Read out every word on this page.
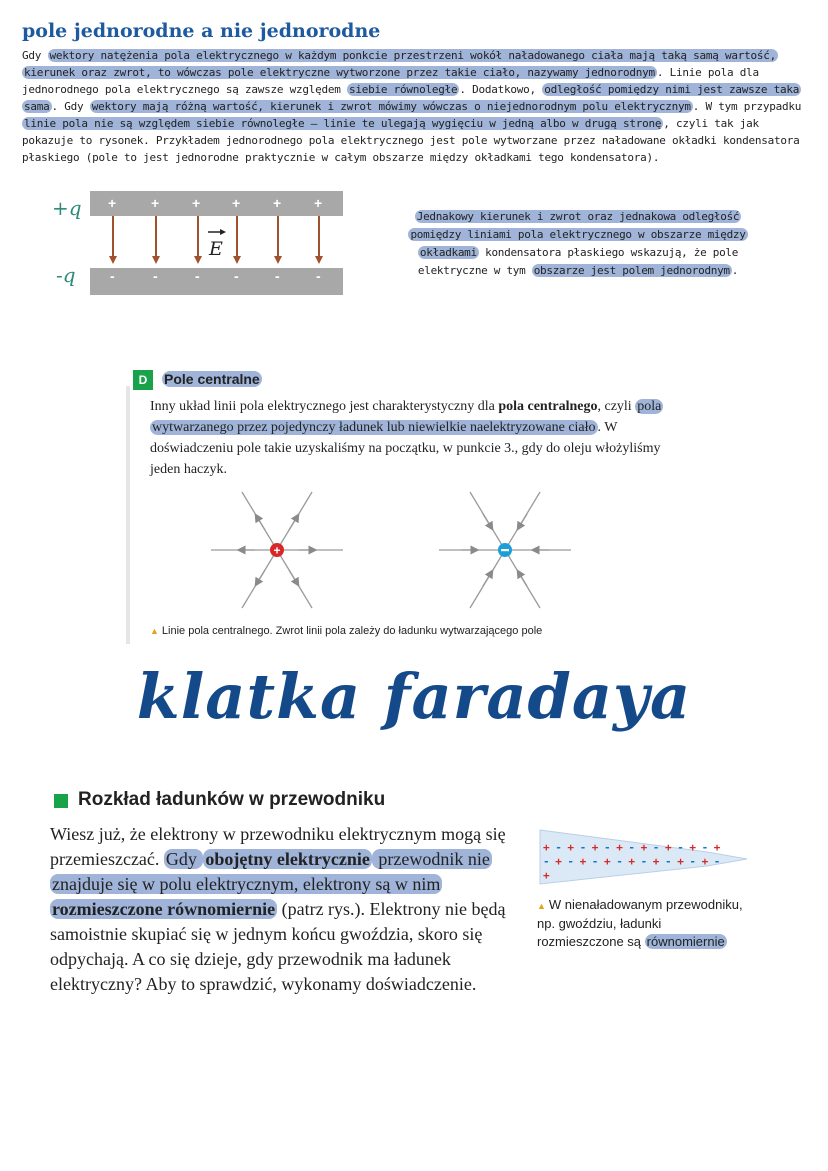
pole jednorodne a nie jednorodne

Gdy wektory natężenia pola elektrycznego w każdym ponkcie przestrzeni wokół naładowanego ciała mają taką samą wartość, kierunek oraz zwrot, to wówczas pole elektryczne wytworzone przez takie ciało, nazywamy jednorodnym . Linie pola dla jednorodnego pola elektrycznego są zawsze względem siebie równoległe . Dodatkowo, odległość pomiędzy nimi jest zawsze taka sama . Gdy wektory mają różną wartość, kierunek i zwrot mówimy wówczas o niejednorodnym polu elektrycznym . W tym przypadku linie pola nie są względem siebie równoległe – linie te ulegają wygięciu w jedną albo w drugą stronę , czyli tak jak pokazuje to rysonek. Przykładem jednorodnego pola elektrycznego jest pole wytworzane przez naładowane okładki kondensatora płaskiego (pole to jest jednorodne praktycznie w całym obszarze między okładkami tego kondensatora).

+q
-q
+ + + + + +
-	-	- -	-	-
E

Jednakowy kierunek i zwrot oraz jednakowa odległość pomiędzy liniami pola elektrycznego w obszarze między okładkami kondensatora płaskiego wskazują, że pole elektryczne w tym obszarze jest polem jednorodnym .

D	Pole centralne

Inny układ linii pola elektrycznego jest charakterystyczny dla pola centralnego, czyli pola wytwarzanego przez pojedynczy ładunek lub niewielkie naelektryzowane ciało . W doświadczeniu pole takie uzyskaliśmy na początku, w punkcie 3., gdy do oleju włożyliśmy jeden haczyk.

▲ Linie pola centralnego. Zwrot linii pola zależy do ładunku wytwarzającego pole

+
klatka faradaya
Rozkład ładunków w przewodniku

Wiesz już, że elektrony w przewodniku elektrycznym mogą się przemieszczać. Gdy obojętny elektrycznie przewodnik nie znajduje się w polu elektrycznym, elektrony są w nim rozmieszczone równomiernie (patrz rys.). Elektrony nie będą samoistnie skupiać się w jednym końcu gwoździa, skoro się odpychają. A co się dzieje, gdy przewodnik ma ładunek elektryczny? Aby to sprawdzić, wykonamy doświadczenie.

+ - + - + - + - + - + - + - +
- + - + - + - + - + - + - + -
+

▲ W nienaładowanym przewodniku, np. gwoździu, ładunki rozmieszczone są równomiernie
